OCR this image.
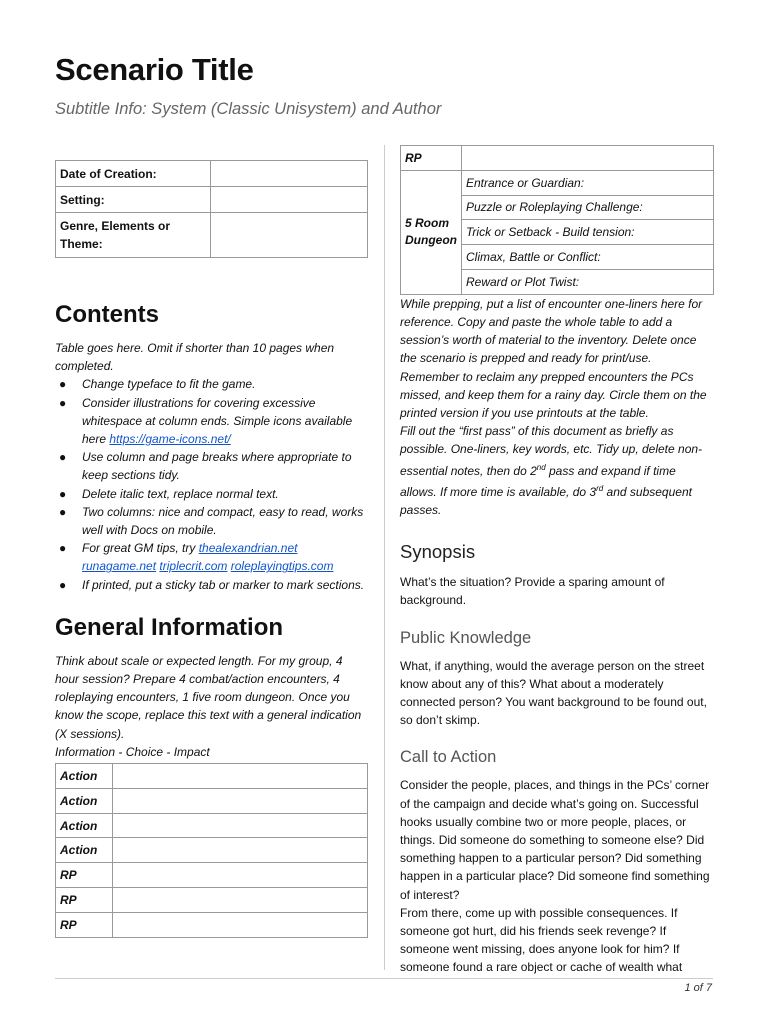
Scenario Title
Subtitle Info: System (Classic Unisystem) and Author
Date of Creation:	
Setting:	
Genre, Elements or Theme:	
Contents
Table goes here. Omit if shorter than 10 pages when completed.
● Change typeface to fit the game.
● Consider illustrations for covering excessive whitespace at column ends. Simple icons available here https://game-icons.net/
● Use column and page breaks where appropriate to keep sections tidy.
● Delete italic text, replace normal text.
● Two columns: nice and compact, easy to read, works well with Docs on mobile.
● For great GM tips, try thealexandrian.net
runagame.net triplecrit.com roleplayingtips.com
● If printed, put a sticky tab or marker to mark sections.
General Information
Think about scale or expected length. For my group, 4 hour session? Prepare 4 combat/action encounters, 4 roleplaying encounters, 1 five room dungeon. Once you know the scope, replace this text with a general indication (X sessions).
Information - Choice - Impact
Action	
Action	
Action	
Action	
RP	
RP	
RP	
RP	
5 Room Dungeon	Entrance or Guardian:
	Puzzle or Roleplaying Challenge:
	Trick or Setback - Build tension:
	Climax, Battle or Conflict:
	Reward or Plot Twist:
While prepping, put a list of encounter one-liners here for reference. Copy and paste the whole table to add a session’s worth of material to the inventory. Delete once the scenario is prepped and ready for print/use.
Remember to reclaim any prepped encounters the PCs missed, and keep them for a rainy day. Circle them on the printed version if you use printouts at the table.
Fill out the “first pass” of this document as briefly as possible. One-liners, key words, etc. Tidy up, delete non-essential notes, then do 2nd pass and expand if time allows. If more time is available, do 3rd and subsequent passes.
Synopsis
What’s the situation? Provide a sparing amount of background.
Public Knowledge
What, if anything, would the average person on the street know about any of this? What about a moderately connected person? You want background to be found out, so don’t skimp.
Call to Action
Consider the people, places, and things in the PCs’ corner of the campaign and decide what’s going on. Successful hooks usually combine two or more people, places, or things. Did someone do something to someone else? Did something happen to a particular person? Did something happen in a particular place? Did someone find something of interest?
From there, come up with possible consequences. If someone got hurt, did his friends seek revenge? If someone went missing, does anyone look for him? If someone found a rare object or cache of wealth what
1 of 7
